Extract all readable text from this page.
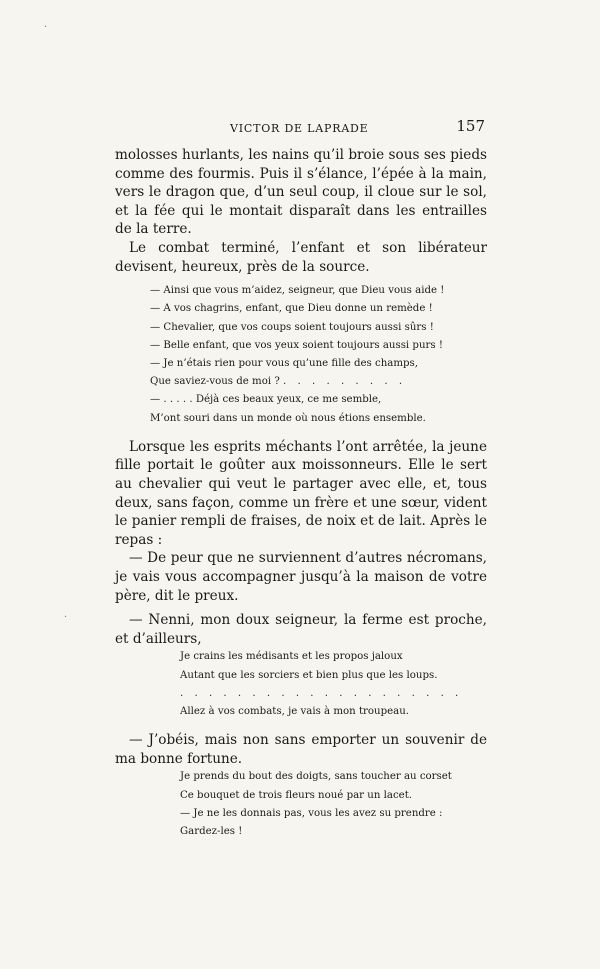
VICTOR DE LAPRADE	157

molosses hurlants, les nains qu’il broie sous ses pieds comme des fourmis. Puis il s’élance, l’épée à la main, vers le dragon que, d’un seul coup, il cloue sur le sol, et la fée qui le montait disparaît dans les entrailles de la terre.

Le combat terminé, l’enfant et son libérateur devisent, heureux, près de la source.

— Ainsi que vous m’aidez, seigneur, que Dieu vous aide !
— A vos chagrins, enfant, que Dieu donne un remède !
— Chevalier, que vos coups soient toujours aussi sûrs !
— Belle enfant, que vos yeux soient toujours aussi purs !
— Je n’étais rien pour vous qu’une fille des champs,
Que saviez-vous de moi ? . . . . . . . . .
— . . . . . Déjà ces beaux yeux, ce me semble,
M’ont souri dans un monde où nous étions ensemble.

Lorsque les esprits méchants l’ont arrêtée, la jeune fille portait le goûter aux moissonneurs. Elle le sert au chevalier qui veut le partager avec elle, et, tous deux, sans façon, comme un frère et une sœur, vident le panier rempli de fraises, de noix et de lait. Après le repas :

— De peur que ne surviennent d’autres nécromans, je vais vous accompagner jusqu’à la maison de votre père, dit le preux.

— Nenni, mon doux seigneur, la ferme est proche, et d’ailleurs,

Je crains les médisants et les propos jaloux
Autant que les sorciers et bien plus que les loups.
. . . . . . . . . . . . . . . . . . . .
Allez à vos combats, je vais à mon troupeau.

— J’obéis, mais non sans emporter un souvenir de ma bonne fortune.

Je prends du bout des doigts, sans toucher au corset
Ce bouquet de trois fleurs noué par un lacet.
— Je ne les donnais pas, vous les avez su prendre :
Gardez-les !
·
·
